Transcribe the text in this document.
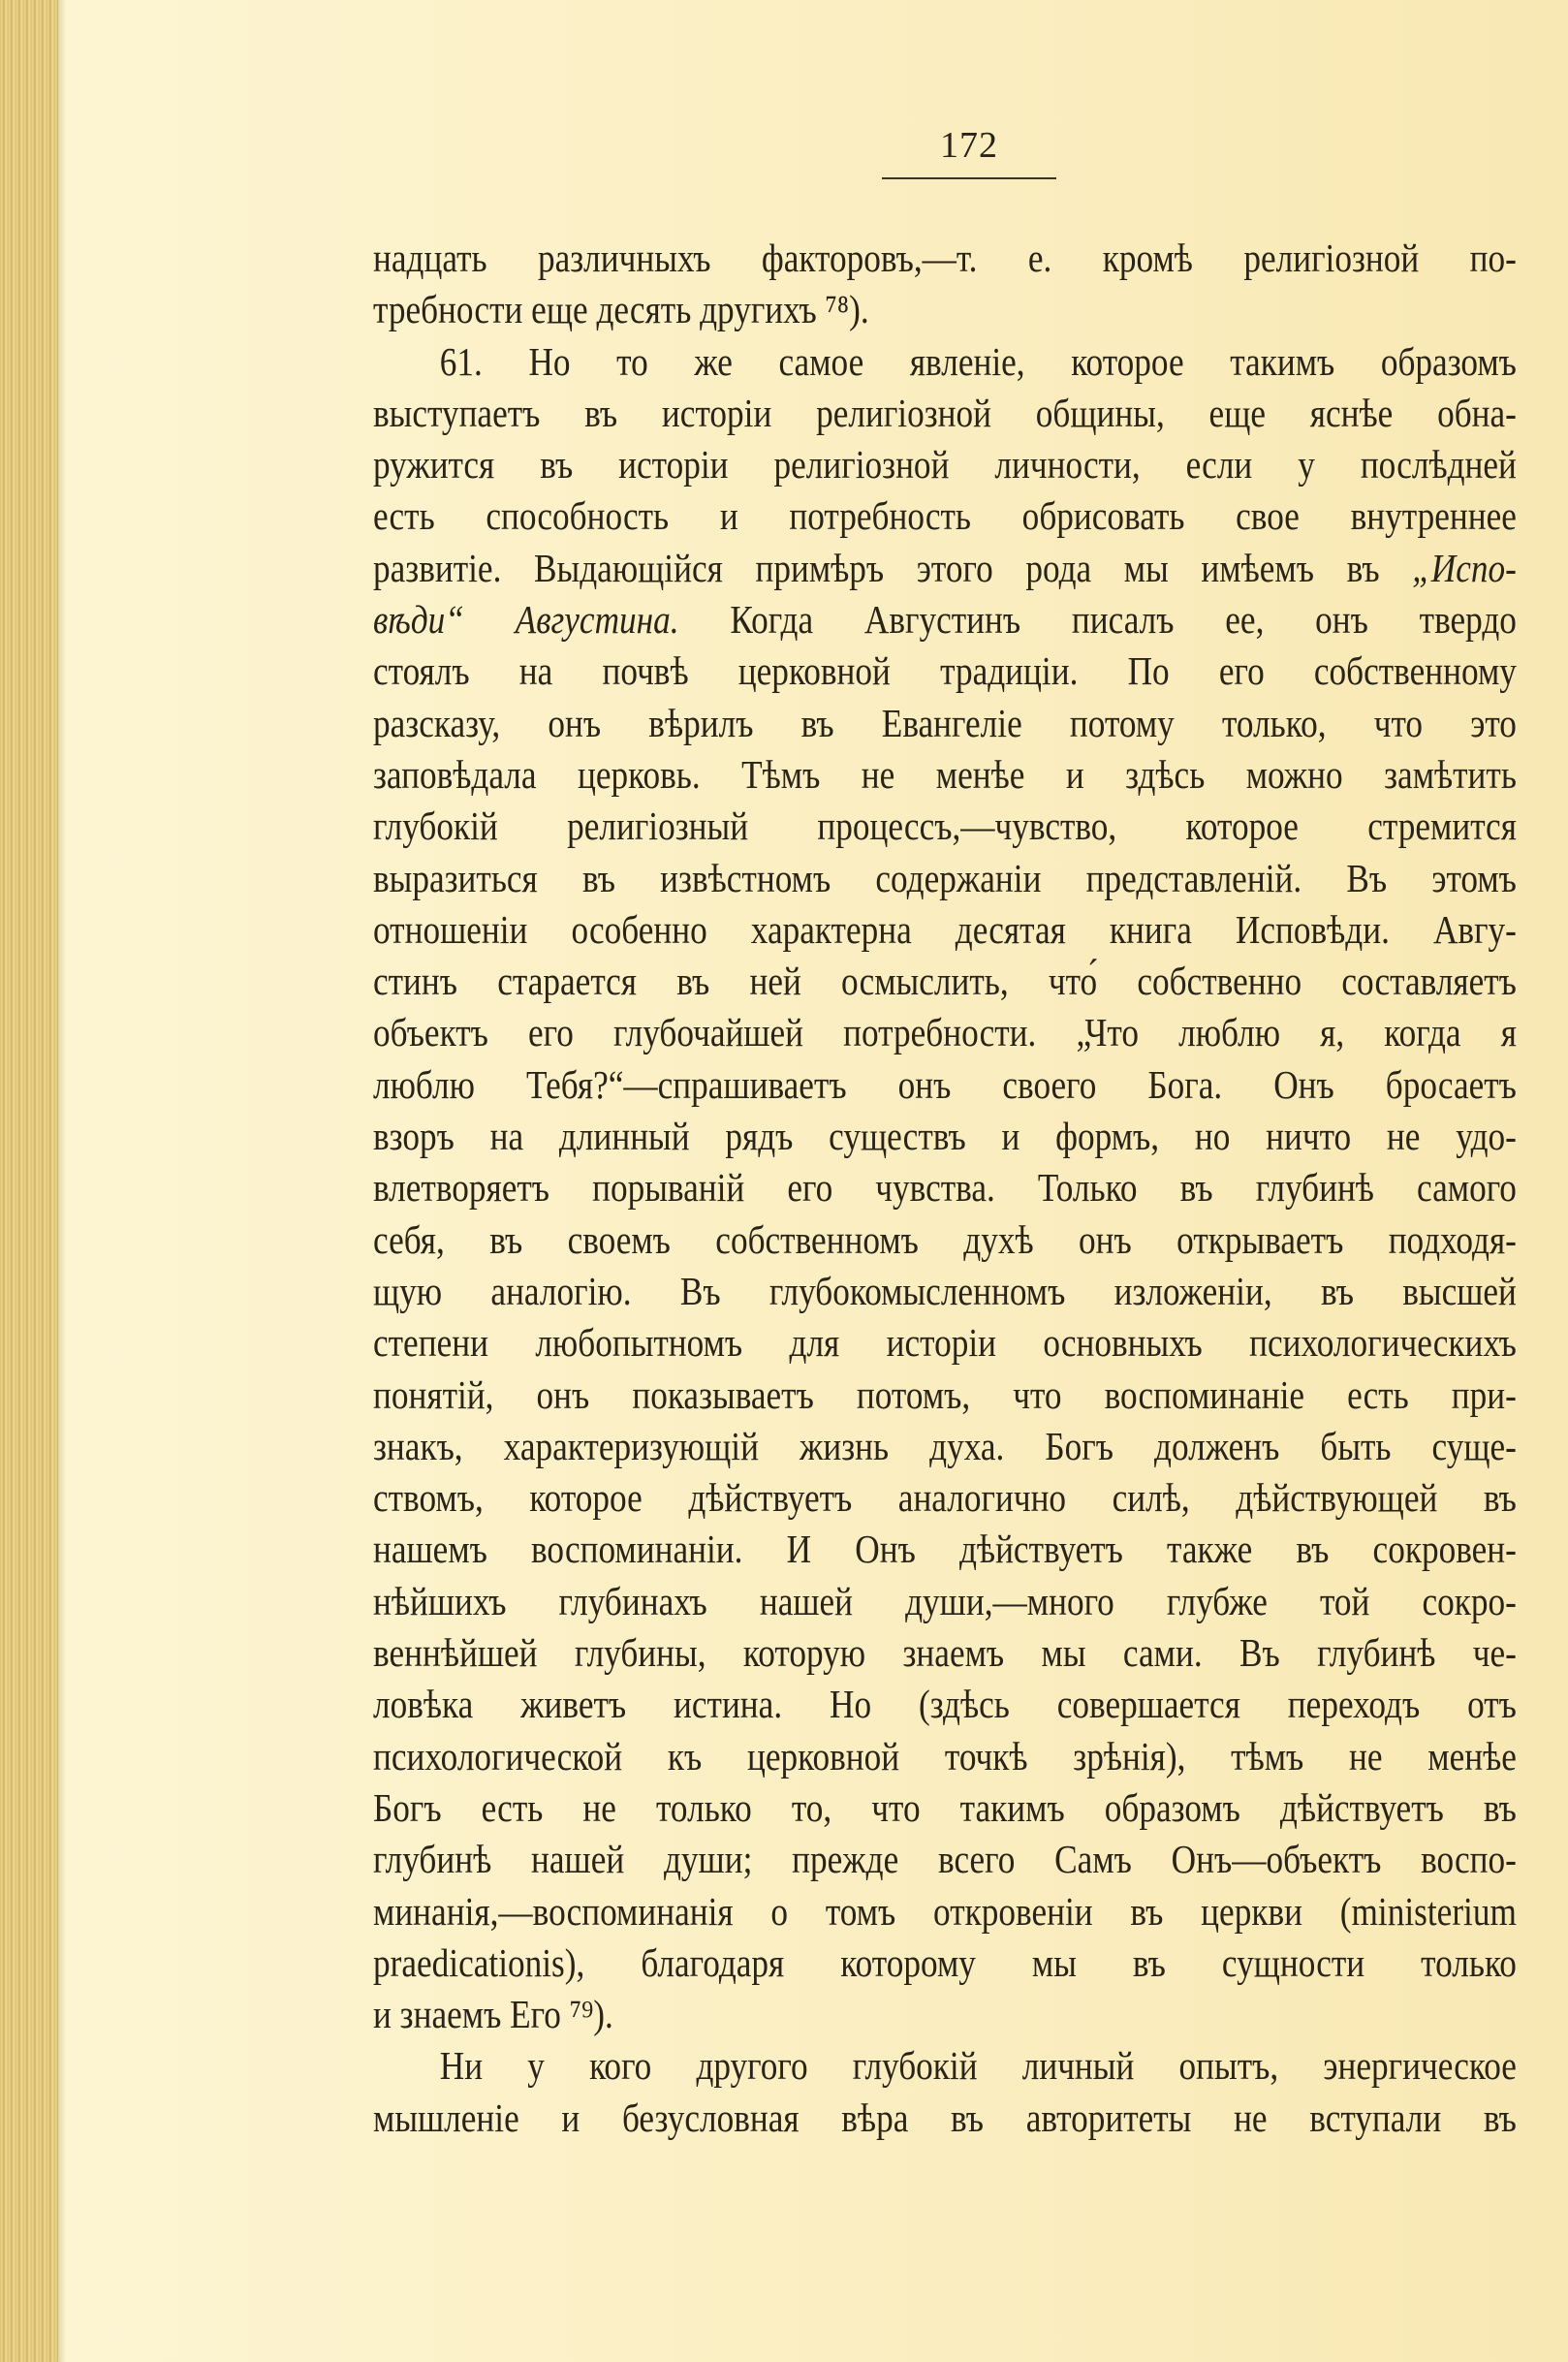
172
надцать различныхъ факторовъ,—т. е. кромѣ религіозной по-
требности еще десять другихъ ⁷⁸).
61. Но то же самое явленіе, которое такимъ образомъ
выступаетъ въ исторіи религіозной общины, еще яснѣе обна-
ружится въ исторіи религіозной личности, если у послѣдней
есть способность и потребность обрисовать свое внутреннее
развитіе. Выдающійся примѣръ этого рода мы имѣемъ въ „Испо-
вѣди“ Августина. Когда Августинъ писалъ ее, онъ твердо
стоялъ на почвѣ церковной традиціи. По его собственному
разсказу, онъ вѣрилъ въ Евангеліе потому только, что это
заповѣдала церковь. Тѣмъ не менѣе и здѣсь можно замѣтить
глубокій религіозный процессъ,—чувство, которое стремится
выразиться въ извѣстномъ содержаніи представленій. Въ этомъ
отношеніи особенно характерна десятая книга Исповѣди. Авгу-
стинъ старается въ ней осмыслить, что́ собственно составляетъ
объектъ его глубочайшей потребности. „Что люблю я, когда я
люблю Тебя?“—спрашиваетъ онъ своего Бога. Онъ бросаетъ
взоръ на длинный рядъ существъ и формъ, но ничто не удо-
влетворяетъ порываній его чувства. Только въ глубинѣ самого
себя, въ своемъ собственномъ духѣ онъ открываетъ подходя-
щую аналогію. Въ глубокомысленномъ изложеніи, въ высшей
степени любопытномъ для исторіи основныхъ психологическихъ
понятій, онъ показываетъ потомъ, что воспоминаніе есть при-
знакъ, характеризующій жизнь духа. Богъ долженъ быть суще-
ствомъ, которое дѣйствуетъ аналогично силѣ, дѣйствующей въ
нашемъ воспоминаніи. И Онъ дѣйствуетъ также въ сокровен-
нѣйшихъ глубинахъ нашей души,—много глубже той сокро-
веннѣйшей глубины, которую знаемъ мы сами. Въ глубинѣ че-
ловѣка живетъ истина. Но (здѣсь совершается переходъ отъ
психологической къ церковной точкѣ зрѣнія), тѣмъ не менѣе
Богъ есть не только то, что такимъ образомъ дѣйствуетъ въ
глубинѣ нашей души; прежде всего Самъ Онъ—объектъ воспо-
минанія,—воспоминанія о томъ откровеніи въ церкви (ministerium
praedicationis), благодаря которому мы въ сущности только
и знаемъ Его ⁷⁹).
Ни у кого другого глубокій личный опытъ, энергическое
мышленіе и безусловная вѣра въ авторитеты не вступали въ
